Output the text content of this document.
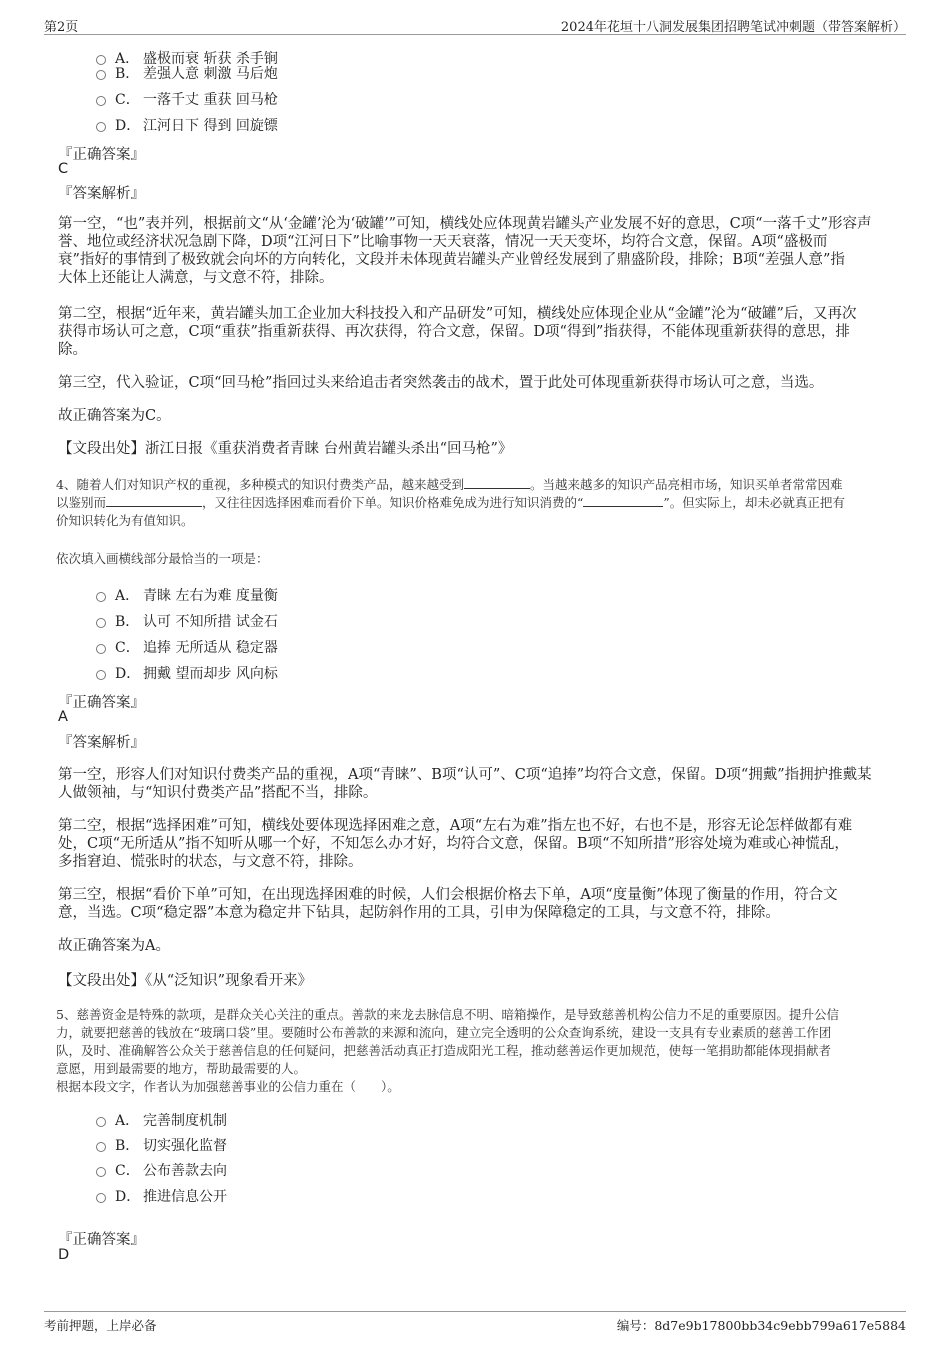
第2页	2024年花垣十八洞发展集团招聘笔试冲刺题（带答案解析）
A． 盛极而衰 斩获 杀手锏
B． 差强人意 刺激 马后炮
C． 一落千丈 重获 回马枪
D． 江河日下 得到 回旋镖
『正确答案』
C
『答案解析』
第一空，“也”表并列，根据前文“从‘金罐’沦为‘破罐’”可知，横线处应体现黄岩罐头产业发展不好的意思，C项“一落千丈”形容声
誉、地位或经济状况急剧下降，D项“江河日下”比喻事物一天天衰落，情况一天天变坏，均符合文意，保留。A项“盛极而
衰”指好的事情到了极致就会向坏的方向转化，文段并未体现黄岩罐头产业曾经发展到了鼎盛阶段，排除；B项“差强人意”指
大体上还能让人满意，与文意不符，排除。
第二空，根据“近年来，黄岩罐头加工企业加大科技投入和产品研发”可知，横线处应体现企业从“金罐”沦为“破罐”后，又再次
获得市场认可之意，C项“重获”指重新获得、再次获得，符合文意，保留。D项“得到”指获得，不能体现重新获得的意思，排
除。
第三空，代入验证，C项“回马枪”指回过头来给追击者突然袭击的战术，置于此处可体现重新获得市场认可之意，当选。
故正确答案为C。
【文段出处】浙江日报《重获消费者青睐 台州黄岩罐头杀出“回马枪”》
4、随着人们对知识产权的重视，多种模式的知识付费类产品，越来越受到	。当越来越多的知识产品亮相市场，知识买单者常常因难
以鉴别而	，又往往因选择困难而看价下单。知识价格难免成为进行知识消费的“	”。但实际上，却未必就真正把有
价知识转化为有值知识。
依次填入画横线部分最恰当的一项是：
A． 青睐 左右为难 度量衡
B． 认可 不知所措 试金石
C． 追捧 无所适从 稳定器
D． 拥戴 望而却步 风向标
『正确答案』
A
『答案解析』
第一空，形容人们对知识付费类产品的重视，A项“青睐”、B项“认可”、C项“追捧”均符合文意，保留。D项“拥戴”指拥护推戴某
人做领袖，与“知识付费类产品”搭配不当，排除。
第二空，根据“选择困难”可知，横线处要体现选择困难之意，A项“左右为难”指左也不好，右也不是，形容无论怎样做都有难
处，C项“无所适从”指不知听从哪一个好，不知怎么办才好，均符合文意，保留。B项“不知所措”形容处境为难或心神慌乱，
多指窘迫、慌张时的状态，与文意不符，排除。
第三空，根据“看价下单”可知，在出现选择困难的时候，人们会根据价格去下单，A项“度量衡”体现了衡量的作用，符合文
意，当选。C项“稳定器”本意为稳定井下钻具，起防斜作用的工具，引申为保障稳定的工具，与文意不符，排除。
故正确答案为A。
【文段出处】《从“泛知识”现象看开来》
5、慈善资金是特殊的款项，是群众关心关注的重点。善款的来龙去脉信息不明、暗箱操作，是导致慈善机构公信力不足的重要原因。提升公信
力，就要把慈善的钱放在“玻璃口袋”里。要随时公布善款的来源和流向，建立完全透明的公众查询系统，建设一支具有专业素质的慈善工作团
队，及时、准确解答公众关于慈善信息的任何疑问，把慈善活动真正打造成阳光工程，推动慈善运作更加规范，使每一笔捐助都能体现捐献者
意愿，用到最需要的地方，帮助最需要的人。
根据本段文字，作者认为加强慈善事业的公信力重在（　　）。
A． 完善制度机制
B． 切实强化监督
C． 公布善款去向
D． 推进信息公开
『正确答案』
D
考前押题，上岸必备	编号：8d7e9b17800bb34c9ebb799a617e5884
